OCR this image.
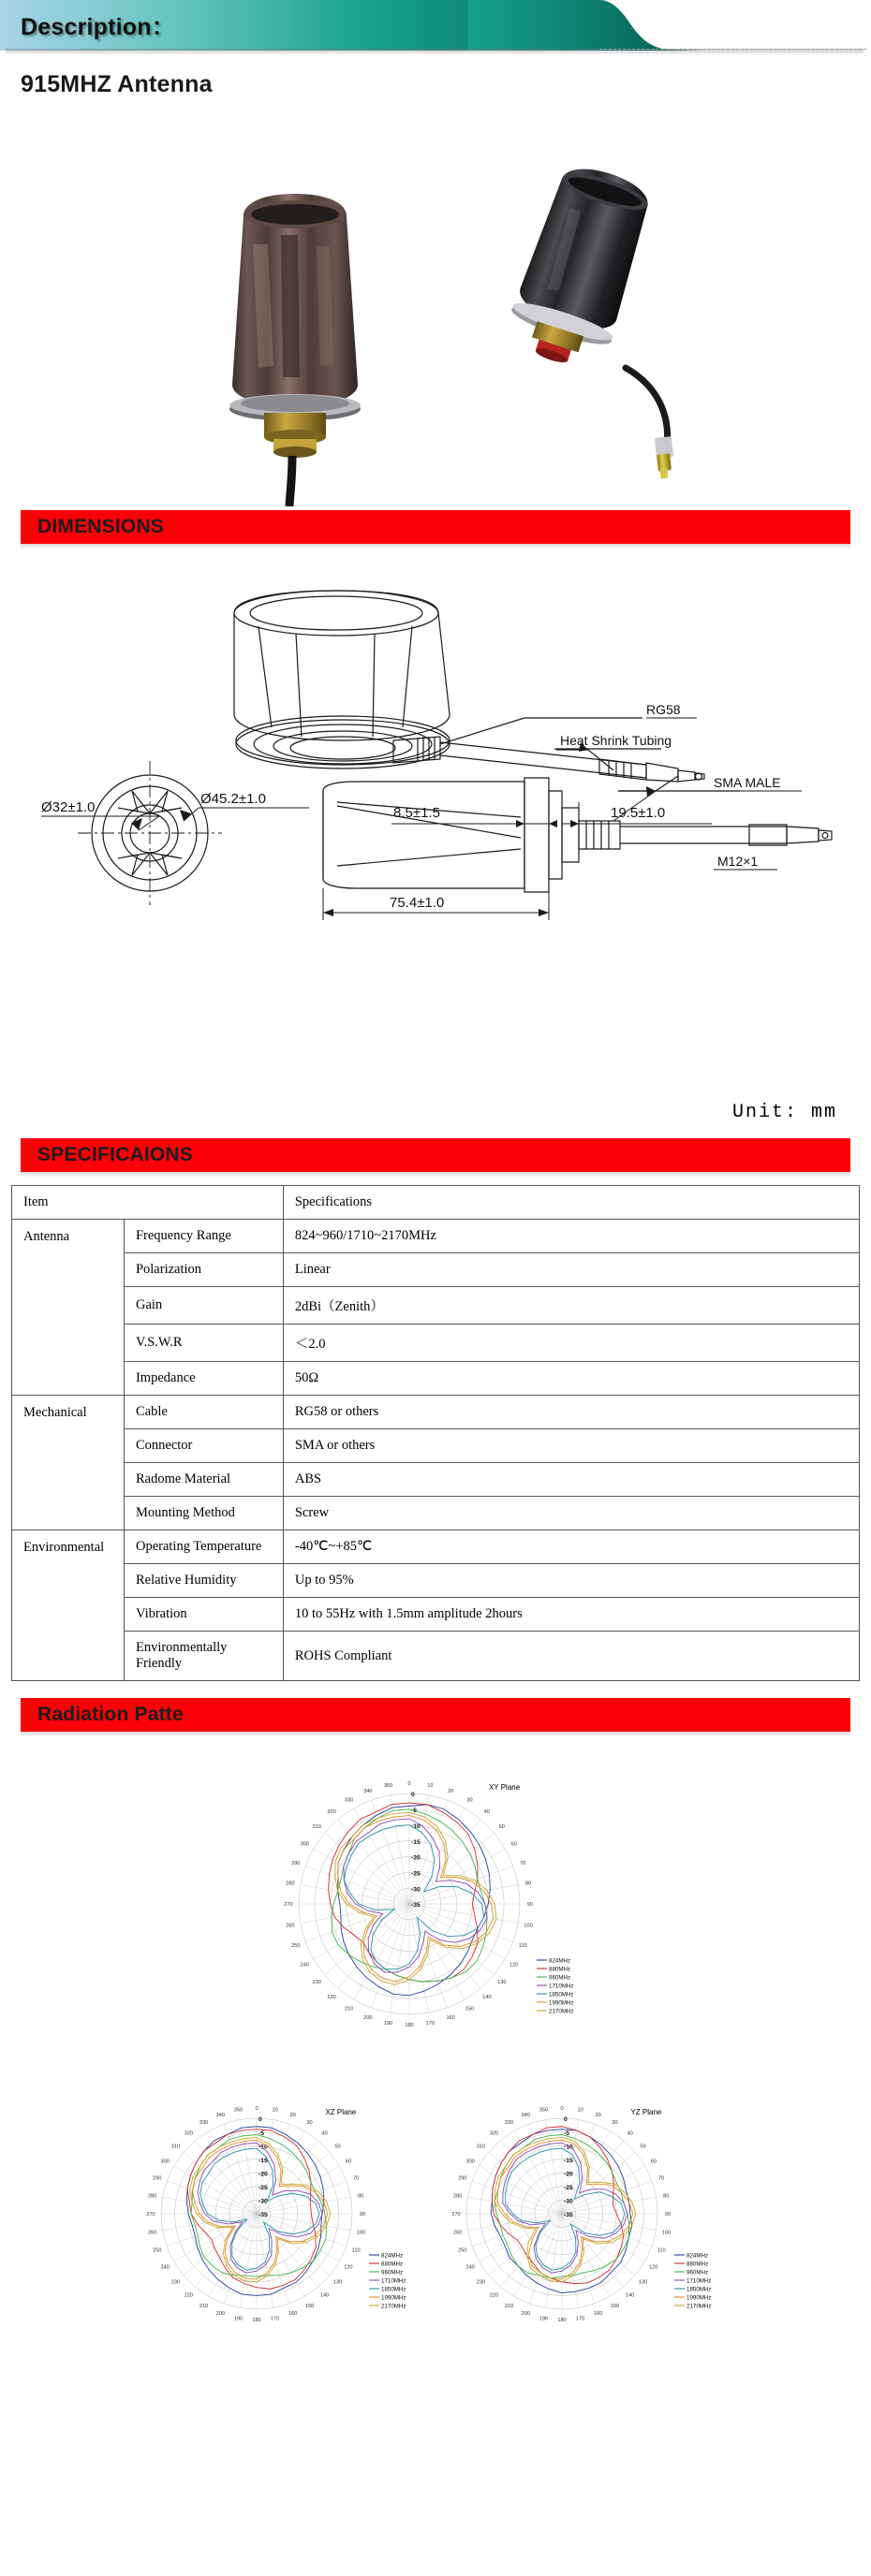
Description：
915MHZ Antenna
DIMENSIONS
RG58
Heat Shrink Tubing
SMA MALE
M12×1
Ø32±1.0
Ø45.2±1.0
8.5±1.5	19.5±1.0
75.4±1.0
Unit: mm
SPECIFICAIONS
Item		Specifications
Antenna	Frequency Range	824~960/1710~2170MHz
	Polarization	Linear
	Gain	2dBi（Zenith）
	V.S.W.R	＜2.0
	Impedance	50Ω
Mechanical	Cable	RG58 or others
	Connector	SMA or others
	Radome Material	ABS
	Mounting Method	Screw
Environmental	Operating Temperature	-40℃~+85℃
	Relative Humidity	Up to 95%
	Vibration	10 to 55Hz with 1.5mm amplitude 2hours
	Environmentally Friendly	ROHS Compliant
Radiation Patte
0	10
20
30
40
50
60
70
80
90
100
110
120
130
140
150
160
170
180
190
200
210
220
230
240
250
260
270
280
290
300
310
320
330
340
350
0
-5
-10
-15
-20
-25
-30
-35
XY Plane
824MHz
880MHz
960MHz
1710MHz
1850MHz
1990MHz
2170MHz
0	10
20
30
40
50
60
70
80
90
100
110
120
130
140
150
160
170
180
190
200
210
220
230
240
250
260
270
280
290
300
310
320
330
340
350
0
-5
-10
-15
-20
-25
-30
-35
XZ Plane
824MHz
880MHz
960MHz
1710MHz
1850MHz
1990MHz
2170MHz
0	10
20
30
40
50
60
70
80
90
100
110
120
130
140
150
160
170
180
190
200
210
220
230
240
250
260
270
280
290
300
310
320
330
340
350
0
-5
-10
-15
-20
-25
-30
-35
YZ Plane
824MHz
880MHz
960MHz
1710MHz
1850MHz
1990MHz
2170MHz
